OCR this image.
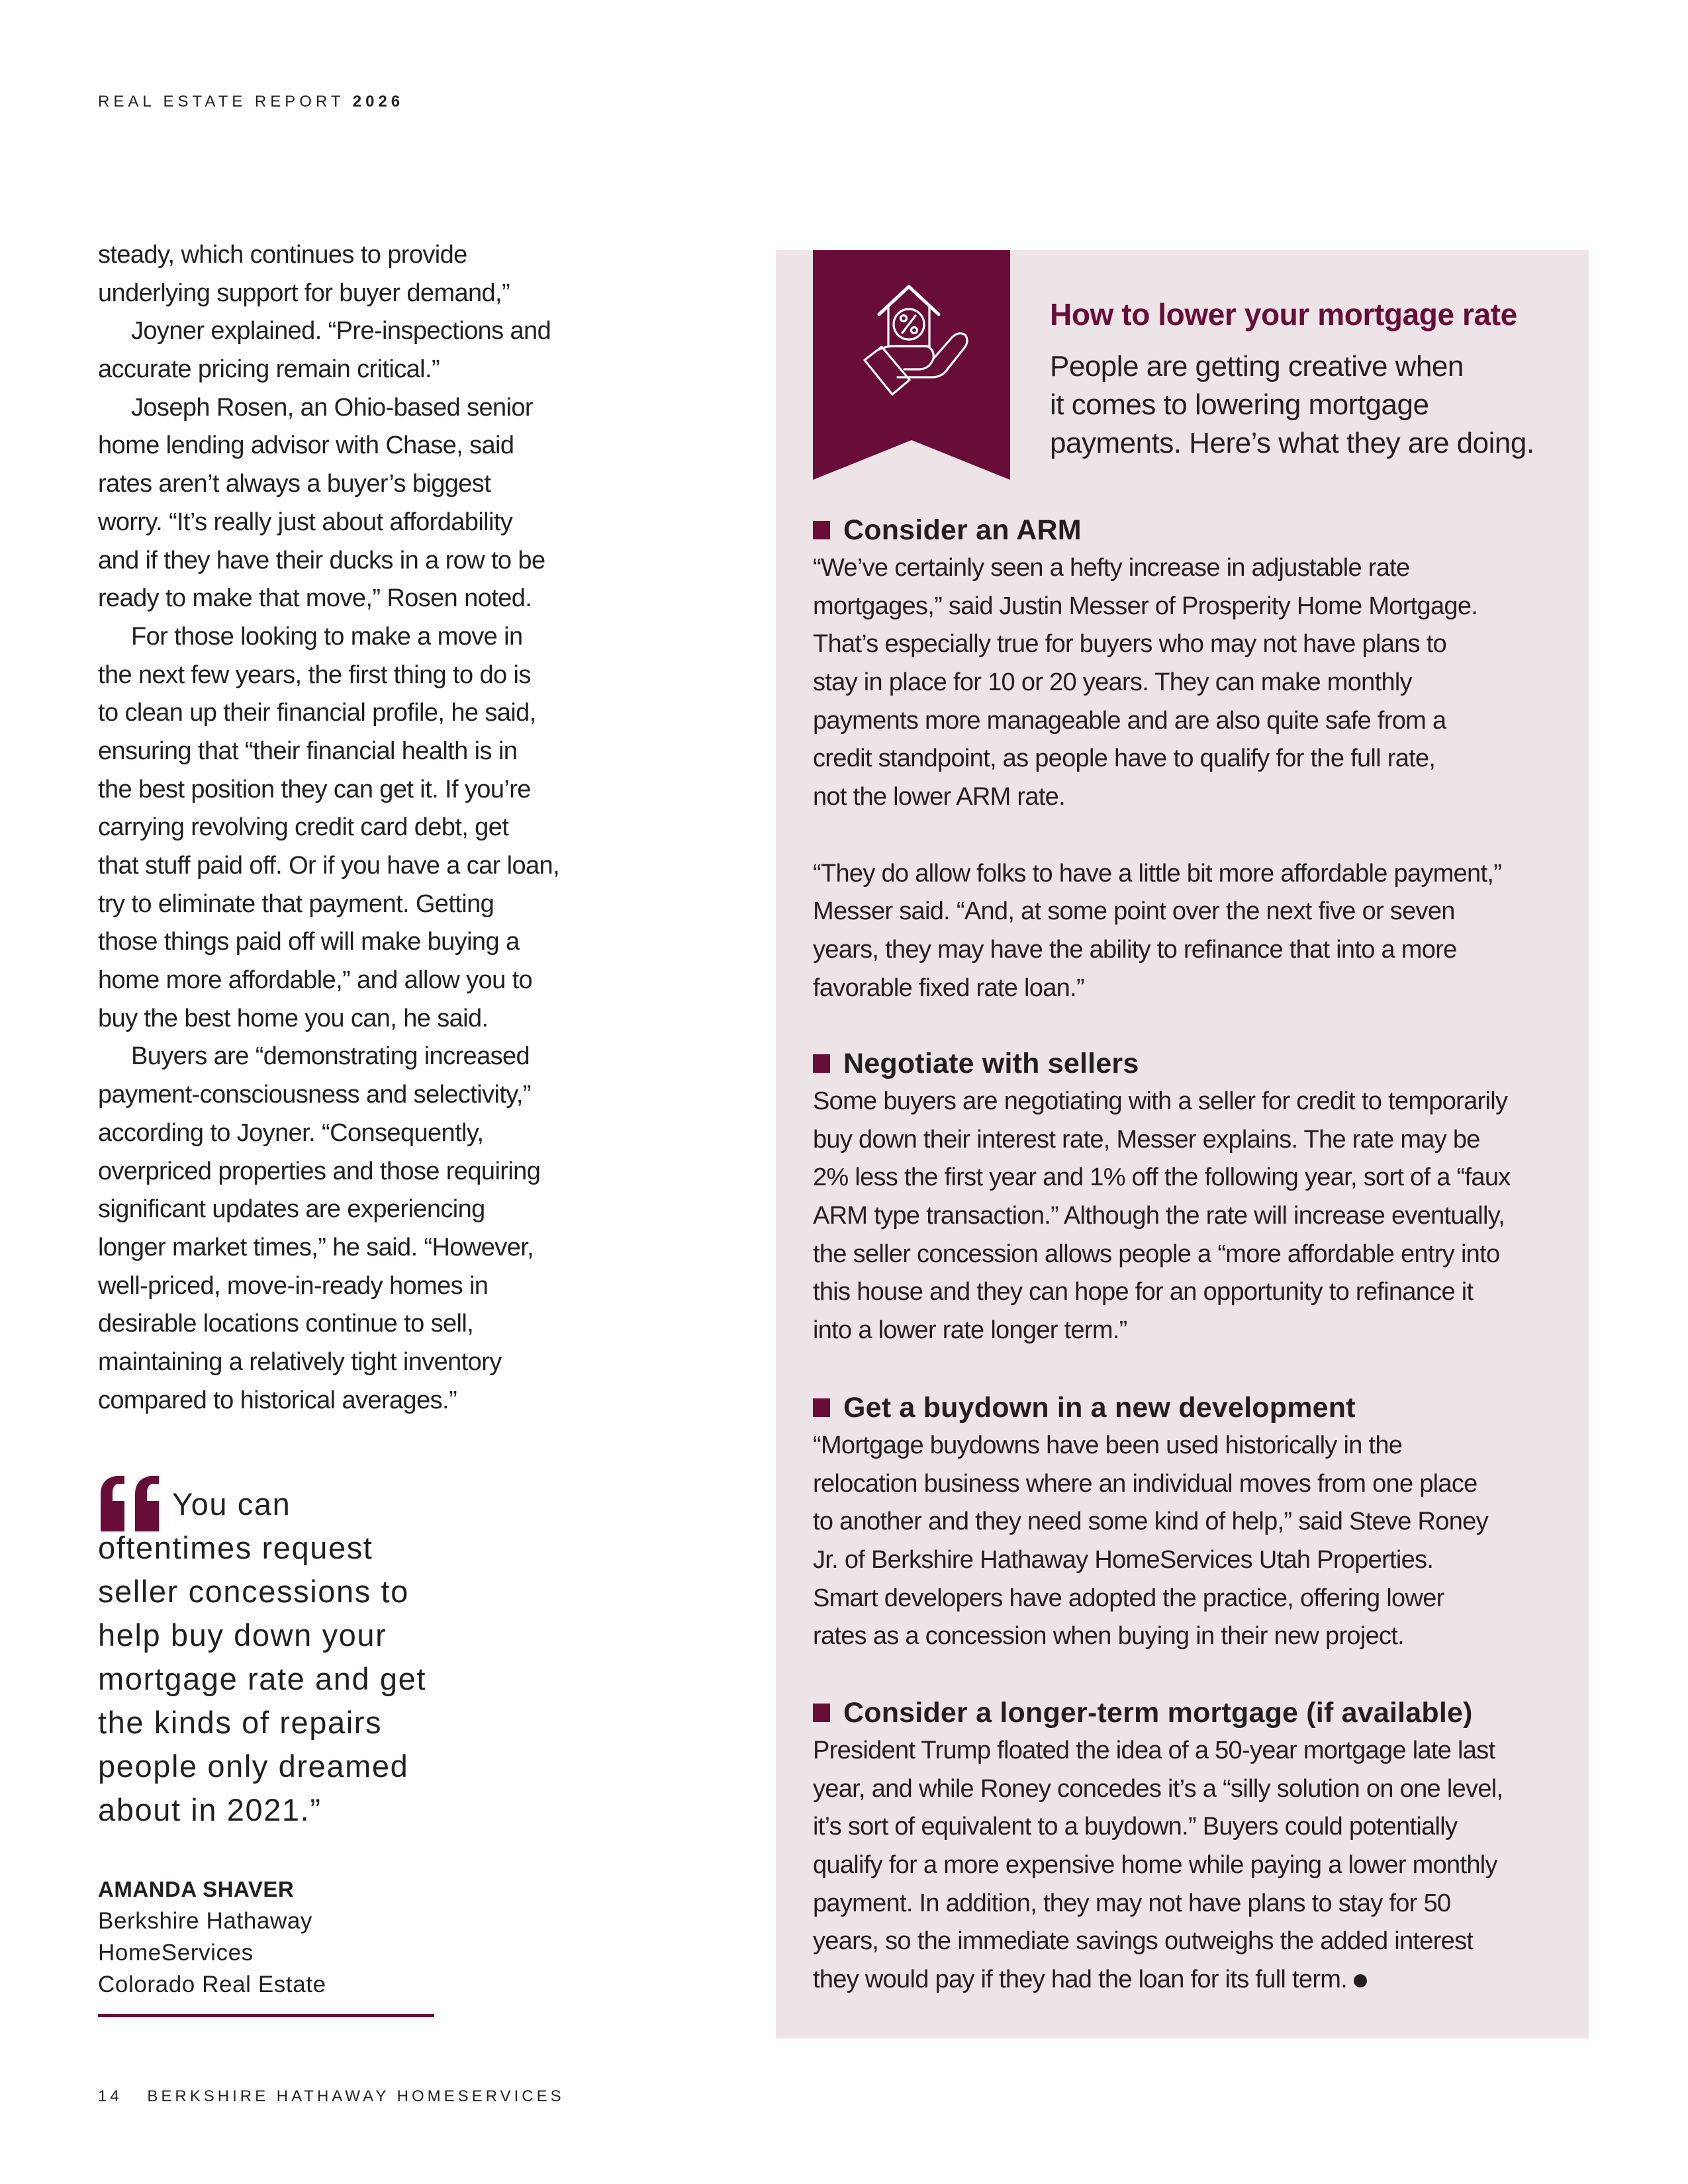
REAL ESTATE REPORT 2026
steady, which continues to provide
underlying support for buyer demand,”
Joyner explained. “Pre-inspections and
accurate pricing remain critical.”
Joseph Rosen, an Ohio-based senior
home lending advisor with Chase, said
rates aren’t always a buyer’s biggest
worry. “It’s really just about affordability
and if they have their ducks in a row to be
ready to make that move,” Rosen noted.
For those looking to make a move in
the next few years, the first thing to do is
to clean up their financial profile, he said,
ensuring that “their financial health is in
the best position they can get it. If you’re
carrying revolving credit card debt, get
that stuff paid off. Or if you have a car loan,
try to eliminate that payment. Getting
those things paid off will make buying a
home more affordable,” and allow you to
buy the best home you can, he said.
Buyers are “demonstrating increased
payment-consciousness and selectivity,”
according to Joyner. “Consequently,
overpriced properties and those requiring
significant updates are experiencing
longer market times,” he said. “However,
well-priced, move-in-ready homes in
desirable locations continue to sell,
maintaining a relatively tight inventory
compared to historical averages.”
You can
oftentimes request
seller concessions to
help buy down your
mortgage rate and get
the kinds of repairs
people only dreamed
about in 2021.”
AMANDA SHAVER
Berkshire Hathaway
HomeServices
Colorado Real Estate
14 BERKSHIRE HATHAWAY HOMESERVICES
How to lower your mortgage rate
People are getting creative when
it comes to lowering mortgage
payments. Here’s what they are doing.
Consider an ARM
“We’ve certainly seen a hefty increase in adjustable rate
mortgages,” said Justin Messer of Prosperity Home Mortgage.
That’s especially true for buyers who may not have plans to
stay in place for 10 or 20 years. They can make monthly
payments more manageable and are also quite safe from a
credit standpoint, as people have to qualify for the full rate,
not the lower ARM rate.
“They do allow folks to have a little bit more affordable payment,”
Messer said. “And, at some point over the next five or seven
years, they may have the ability to refinance that into a more
favorable fixed rate loan.”
Negotiate with sellers
Some buyers are negotiating with a seller for credit to temporarily
buy down their interest rate, Messer explains. The rate may be
2% less the first year and 1% off the following year, sort of a “faux
ARM type transaction.” Although the rate will increase eventually,
the seller concession allows people a “more affordable entry into
this house and they can hope for an opportunity to refinance it
into a lower rate longer term.”
Get a buydown in a new development
“Mortgage buydowns have been used historically in the
relocation business where an individual moves from one place
to another and they need some kind of help,” said Steve Roney
Jr. of Berkshire Hathaway HomeServices Utah Properties.
Smart developers have adopted the practice, offering lower
rates as a concession when buying in their new project.
Consider a longer-term mortgage (if available)
President Trump floated the idea of a 50-year mortgage late last
year, and while Roney concedes it’s a “silly solution on one level,
it’s sort of equivalent to a buydown.” Buyers could potentially
qualify for a more expensive home while paying a lower monthly
payment. In addition, they may not have plans to stay for 50
years, so the immediate savings outweighs the added interest
they would pay if they had the loan for its full term.
